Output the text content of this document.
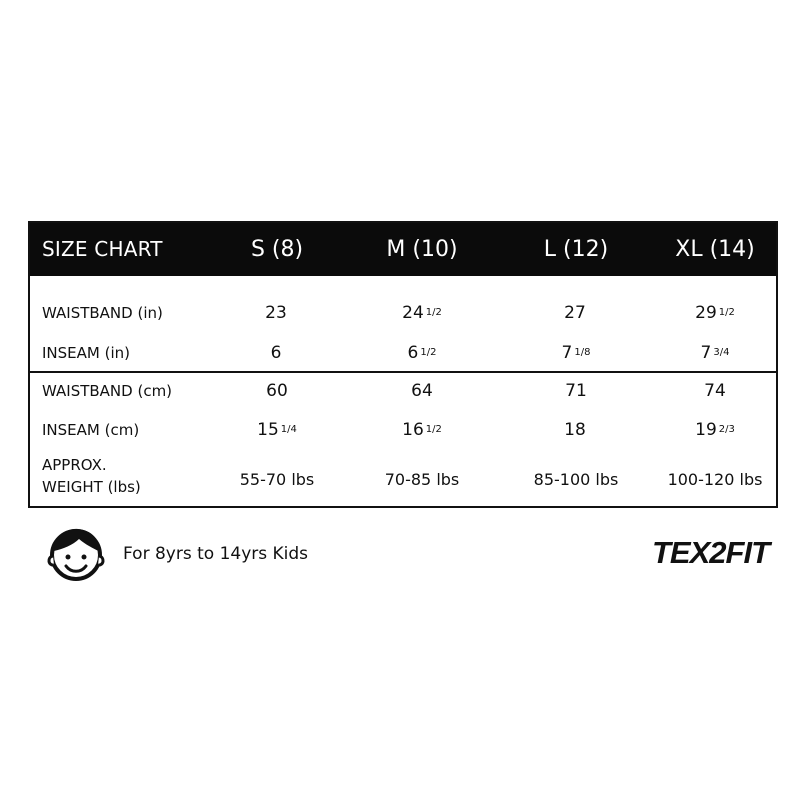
SIZE CHART	S (8)	M (10)	L (12)	XL (14)
WAISTBAND (in)	23	24 1/2	27	29 1/2
INSEAM (in)	6	6 1/2	7 1/8	7 3/4
WAISTBAND (cm)	60	64	71	74
INSEAM (cm)	15 1/4	16 1/2	18	19 2/3
APPROX.
WEIGHT (lbs)	55-70 lbs	70-85 lbs	85-100 lbs	100-120 lbs
For 8yrs to 14yrs Kids	TEX2FIT
